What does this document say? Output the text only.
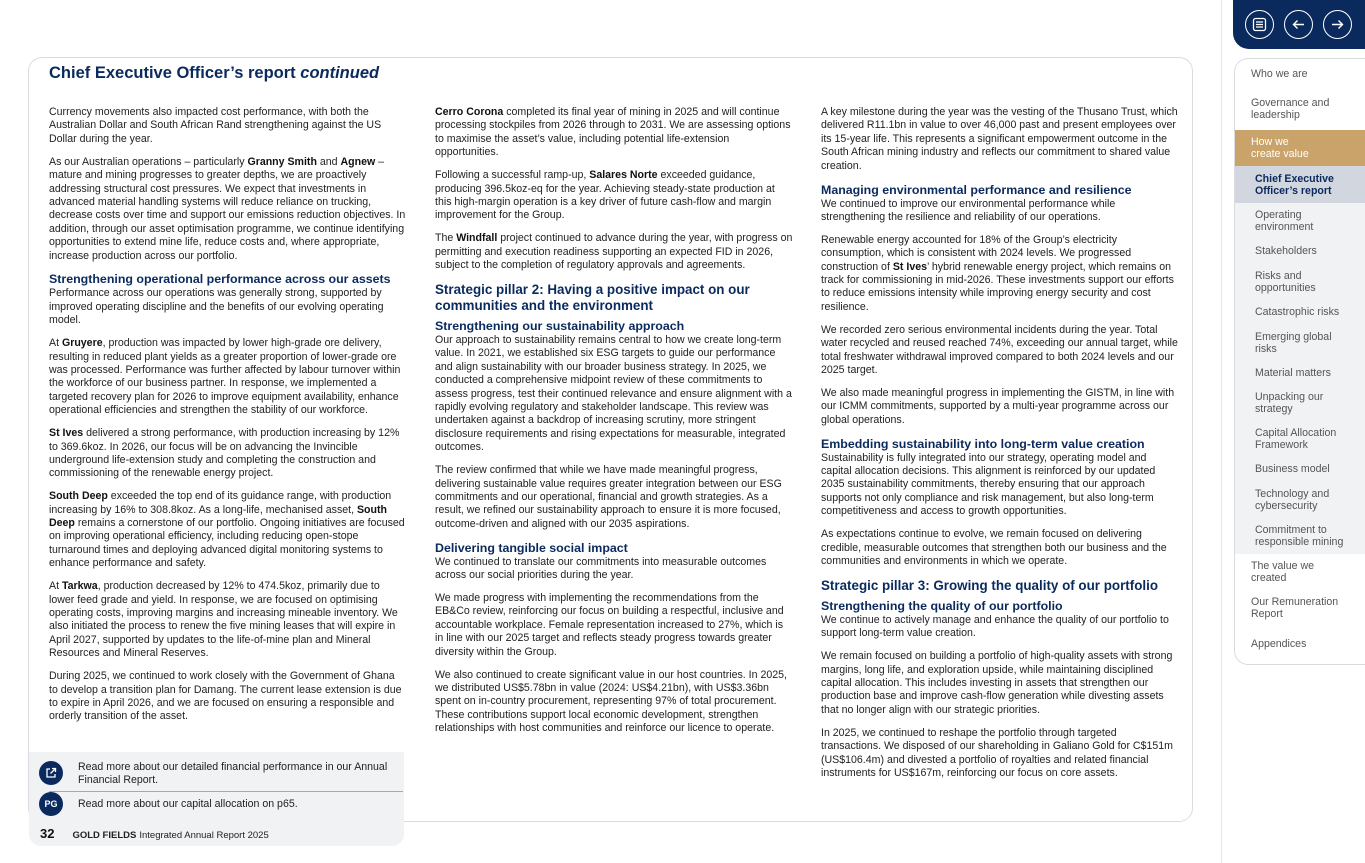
Chief Executive Officer’s report continued

Currency movements also impacted cost performance, with both the Australian Dollar and South African Rand strengthening against the US Dollar during the year.

As our Australian operations – particularly Granny Smith and Agnew – mature and mining progresses to greater depths, we are proactively addressing structural cost pressures. We expect that investments in advanced material handling systems will reduce reliance on trucking, decrease costs over time and support our emissions reduction objectives. In addition, through our asset optimisation programme, we continue identifying opportunities to extend mine life, reduce costs and, where appropriate, increase production across our portfolio.

Strengthening operational performance across our assets

Performance across our operations was generally strong, supported by improved operating discipline and the benefits of our evolving operating model.

At Gruyere, production was impacted by lower high-grade ore delivery, resulting in reduced plant yields as a greater proportion of lower-grade ore was processed. Performance was further affected by labour turnover within the workforce of our business partner. In response, we implemented a targeted recovery plan for 2026 to improve equipment availability, enhance operational efficiencies and strengthen the stability of our workforce.

St Ives delivered a strong performance, with production increasing by 12% to 369.6koz. In 2026, our focus will be on advancing the Invincible underground life-extension study and completing the construction and commissioning of the renewable energy project.

South Deep exceeded the top end of its guidance range, with production increasing by 16% to 308.8koz. As a long-life, mechanised asset, South Deep remains a cornerstone of our portfolio. Ongoing initiatives are focused on improving operational efficiency, including reducing open-stope turnaround times and deploying advanced digital monitoring systems to enhance performance and safety.

At Tarkwa, production decreased by 12% to 474.5koz, primarily due to lower feed grade and yield. In response, we are focused on optimising operating costs, improving margins and increasing mineable inventory. We also initiated the process to renew the five mining leases that will expire in April 2027, supported by updates to the life-of-mine plan and Mineral Resources and Mineral Reserves.

During 2025, we continued to work closely with the Government of Ghana to develop a transition plan for Damang. The current lease extension is due to expire in April 2026, and we are focused on ensuring a responsible and orderly transition of the asset.

Cerro Corona completed its final year of mining in 2025 and will continue processing stockpiles from 2026 through to 2031. We are assessing options to maximise the asset’s value, including potential life-extension opportunities.

Following a successful ramp-up, Salares Norte exceeded guidance, producing 396.5koz-eq for the year. Achieving steady-state production at this high-margin operation is a key driver of future cash-flow and margin improvement for the Group.

The Windfall project continued to advance during the year, with progress on permitting and execution readiness supporting an expected FID in 2026, subject to the completion of regulatory approvals and agreements.

Strategic pillar 2: Having a positive impact on our communities and the environment
Strengthening our sustainability approach

Our approach to sustainability remains central to how we create long-term value. In 2021, we established six ESG targets to guide our performance and align sustainability with our broader business strategy. In 2025, we conducted a comprehensive midpoint review of these commitments to assess progress, test their continued relevance and ensure alignment with a rapidly evolving regulatory and stakeholder landscape. This review was undertaken against a backdrop of increasing scrutiny, more stringent disclosure requirements and rising expectations for measurable, integrated outcomes.

The review confirmed that while we have made meaningful progress, delivering sustainable value requires greater integration between our ESG commitments and our operational, financial and growth strategies. As a result, we refined our sustainability approach to ensure it is more focused, outcome-driven and aligned with our 2035 aspirations.

Delivering tangible social impact

We continued to translate our commitments into measurable outcomes across our social priorities during the year.

We made progress with implementing the recommendations from the EB&Co review, reinforcing our focus on building a respectful, inclusive and accountable workplace. Female representation increased to 27%, which is in line with our 2025 target and reflects steady progress towards greater diversity within the Group.

We also continued to create significant value in our host countries. In 2025, we distributed US$5.78bn in value (2024: US$4.21bn), with US$3.36bn spent on in-country procurement, representing 97% of total procurement. These contributions support local economic development, strengthen relationships with host communities and reinforce our licence to operate.

A key milestone during the year was the vesting of the Thusano Trust, which delivered R11.1bn in value to over 46,000 past and present employees over its 15-year life. This represents a significant empowerment outcome in the South African mining industry and reflects our commitment to shared value creation.

Managing environmental performance and resilience

We continued to improve our environmental performance while strengthening the resilience and reliability of our operations.

Renewable energy accounted for 18% of the Group’s electricity consumption, which is consistent with 2024 levels. We progressed construction of St Ives’ hybrid renewable energy project, which remains on track for commissioning in mid-2026. These investments support our efforts to reduce emissions intensity while improving energy security and cost resilience.

We recorded zero serious environmental incidents during the year. Total water recycled and reused reached 74%, exceeding our annual target, while total freshwater withdrawal improved compared to both 2024 levels and our 2025 target.

We also made meaningful progress in implementing the GISTM, in line with our ICMM commitments, supported by a multi-year programme across our global operations.

Embedding sustainability into long-term value creation

Sustainability is fully integrated into our strategy, operating model and capital allocation decisions. This alignment is reinforced by our updated 2035 sustainability commitments, thereby ensuring that our approach supports not only compliance and risk management, but also long-term competitiveness and access to growth opportunities.

As expectations continue to evolve, we remain focused on delivering credible, measurable outcomes that strengthen both our business and the communities and environments in which we operate.

Strategic pillar 3: Growing the quality of our portfolio
Strengthening the quality of our portfolio

We continue to actively manage and enhance the quality of our portfolio to support long-term value creation.

We remain focused on building a portfolio of high-quality assets with strong margins, long life, and exploration upside, while maintaining disciplined capital allocation. This includes investing in assets that strengthen our production base and improve cash-flow generation while divesting assets that no longer align with our strategic priorities.

In 2025, we continued to reshape the portfolio through targeted transactions. We disposed of our shareholding in Galiano Gold for C$151m (US$106.4m) and divested a portfolio of royalties and related financial instruments for US$167m, reinforcing our focus on core assets.

Read more about our detailed financial performance in our Annual Financial Report.
PG	Read more about our capital allocation on p65.
32 GOLD FIELDS Integrated Annual Report 2025
Who we are
Governance and leadership
How we create value
Chief Executive Officer’s report
Operating environment
Stakeholders
Risks and opportunities
Catastrophic risks
Emerging global risks
Material matters
Unpacking our strategy
Capital Allocation Framework
Business model
Technology and cybersecurity
Commitment to responsible mining
The value we created
Our Remuneration Report
Appendices
